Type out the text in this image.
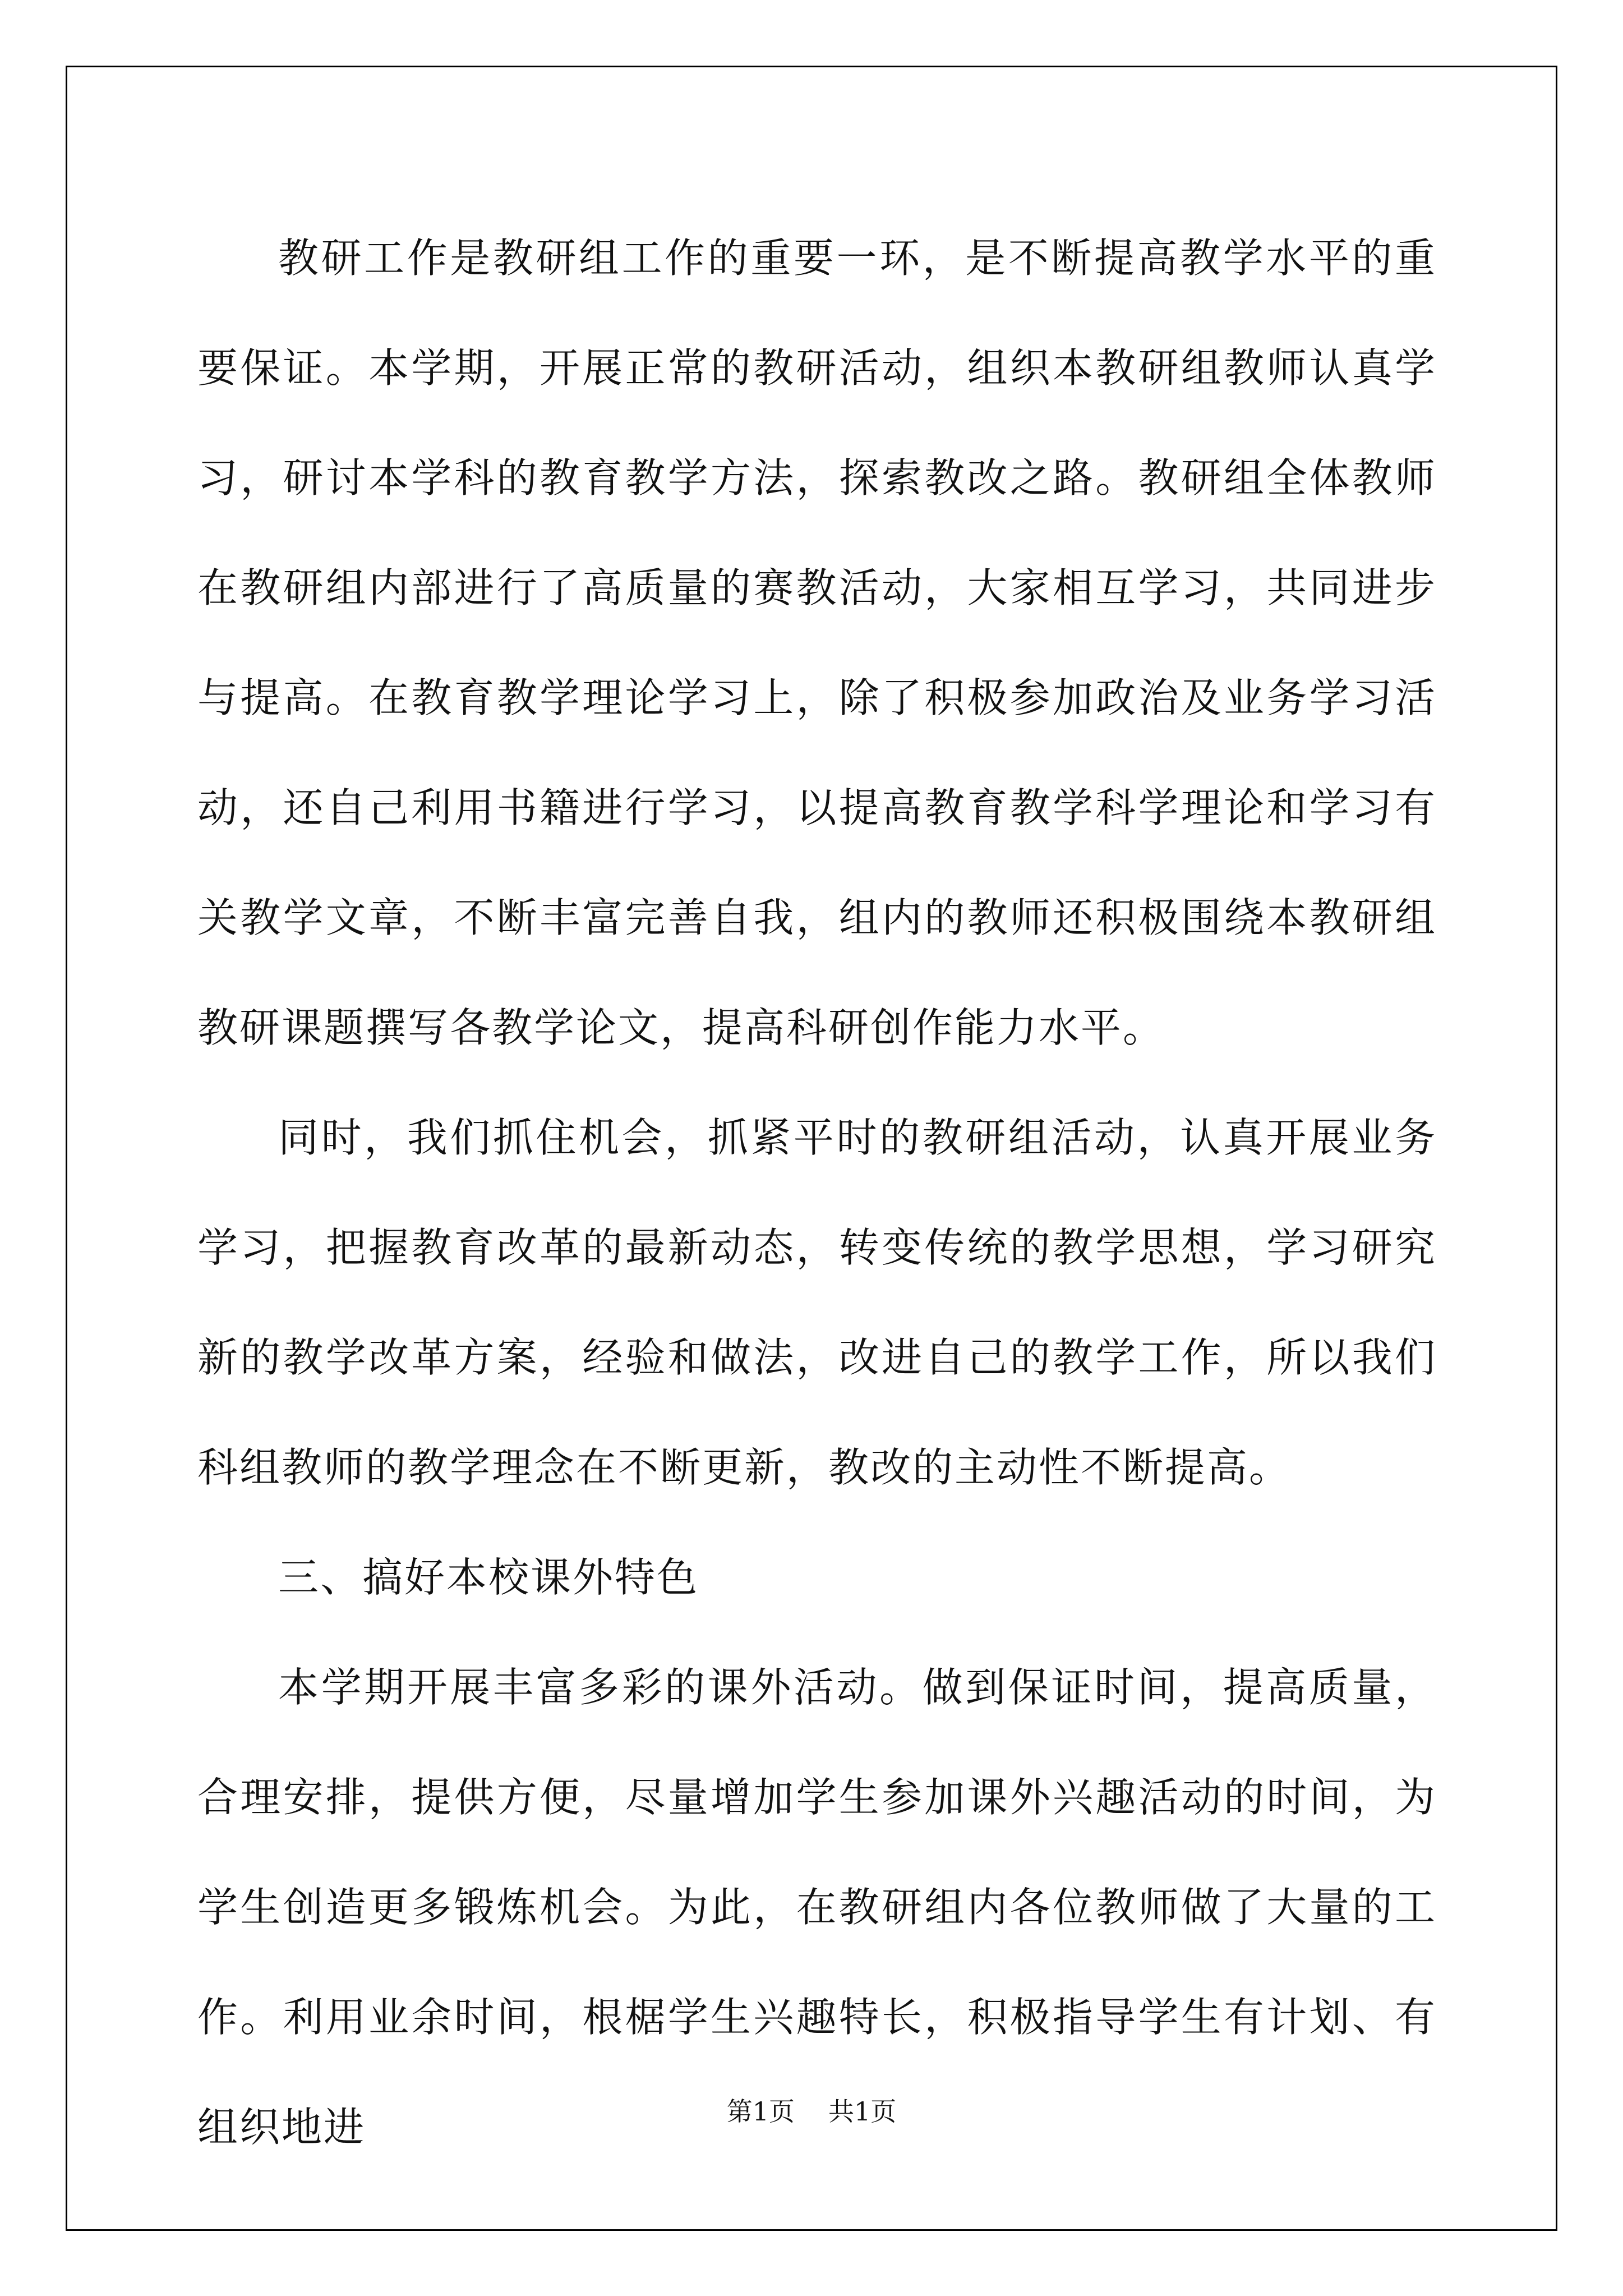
教研工作是教研组工作的重要一环，是不断提高教学水平的重要保证。本学期，开展正常的教研活动，组织本教研组教师认真学习，研讨本学科的教育教学方法，探索教改之路。教研组全体教师在教研组内部进行了高质量的赛教活动，大家相互学习，共同进步与提高。在教育教学理论学习上，除了积极参加政治及业务学习活动，还自己利用书籍进行学习，以提高教育教学科学理论和学习有关教学文章，不断丰富完善自我，组内的教师还积极围绕本教研组教研课题撰写各教学论文，提高科研创作能力水平。

同时，我们抓住机会，抓紧平时的教研组活动，认真开展业务学习，把握教育改革的最新动态，转变传统的教学思想，学习研究新的教学改革方案，经验和做法，改进自己的教学工作，所以我们科组教师的教学理念在不断更新，教改的主动性不断提高。

三、搞好本校课外特色

本学期开展丰富多彩的课外活动。做到保证时间，提高质量，合理安排，提供方便，尽量增加学生参加课外兴趣活动的时间，为学生创造更多锻炼机会。为此，在教研组内各位教师做了大量的工作。利用业余时间，根椐学生兴趣特长，积极指导学生有计划、有组织地进	第1页 共1页
